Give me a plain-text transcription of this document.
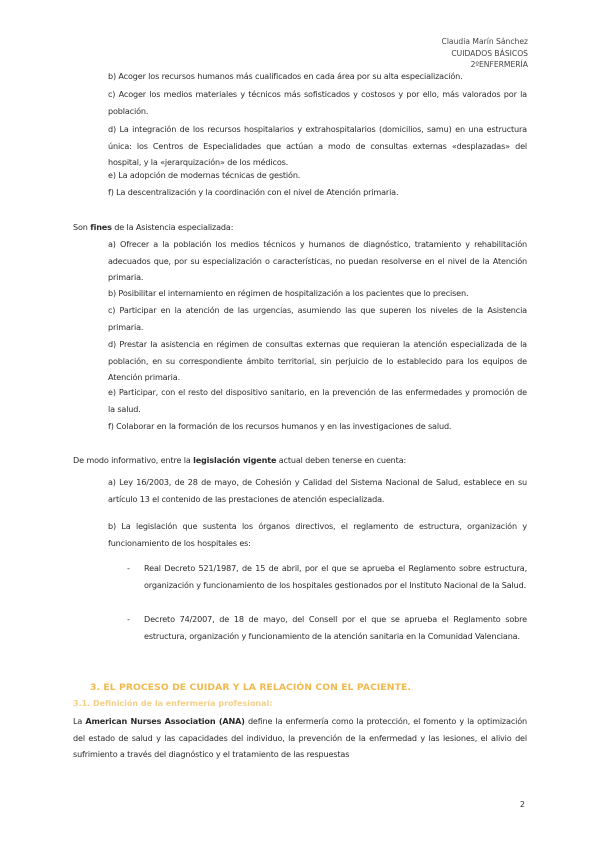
Claudia Marín Sánchez
CUIDADOS BÁSICOS
2ºENFERMERÍA

b) Acoger los recursos humanos más cualificados en cada área por su alta especialización.

c) Acoger los medios materiales y técnicos más sofisticados y costosos y por ello, más valorados por la población.

d) La integración de los recursos hospitalarios y extrahospitalarios (domicilios, samu) en una estructura única: los Centros de Especialidades que actúan a modo de consultas externas «desplazadas» del hospital, y la «jerarquización» de los médicos.

e) La adopción de modernas técnicas de gestión.

f) La descentralización y la coordinación con el nivel de Atención primaria.

Son fines de la Asistencia especializada:

a) Ofrecer a la población los medios técnicos y humanos de diagnóstico, tratamiento y rehabilitación adecuados que, por su especialización o características, no puedan resolverse en el nivel de la Atención primaria.

b) Posibilitar el internamiento en régimen de hospitalización a los pacientes que lo precisen.

c) Participar en la atención de las urgencias, asumiendo las que superen los niveles de la Asistencia primaria.

d) Prestar la asistencia en régimen de consultas externas que requieran la atención especializada de la población, en su correspondiente ámbito territorial, sin perjuicio de lo establecido para los equipos de Atención primaria.

e) Participar, con el resto del dispositivo sanitario, en la prevención de las enfermedades y promoción de la salud.

f) Colaborar en la formación de los recursos humanos y en las investigaciones de salud.

De modo informativo, entre la legislación vigente actual deben tenerse en cuenta:

a) Ley 16/2003, de 28 de mayo, de Cohesión y Calidad del Sistema Nacional de Salud, establece en su artículo 13 el contenido de las prestaciones de atención especializada.

b) La legislación que sustenta los órganos directivos, el reglamento de estructura, organización y funcionamiento de los hospitales es:

- Real Decreto 521/1987, de 15 de abril, por el que se aprueba el Reglamento sobre estructura, organización y funcionamiento de los hospitales gestionados por el Instituto Nacional de la Salud.

- Decreto 74/2007, de 18 de mayo, del Consell por el que se aprueba el Reglamento sobre estructura, organización y funcionamiento de la atención sanitaria en la Comunidad Valenciana.

3. EL PROCESO DE CUIDAR Y LA RELACIÓN CON EL PACIENTE.
3.1. Definición de la enfermería profesional:

La American Nurses Association (ANA) define la enfermería como la protección, el fomento y la optimización del estado de salud y las capacidades del individuo, la prevención de la enfermedad y las lesiones, el alivio del sufrimiento a través del diagnóstico y el tratamiento de las respuestas

2
